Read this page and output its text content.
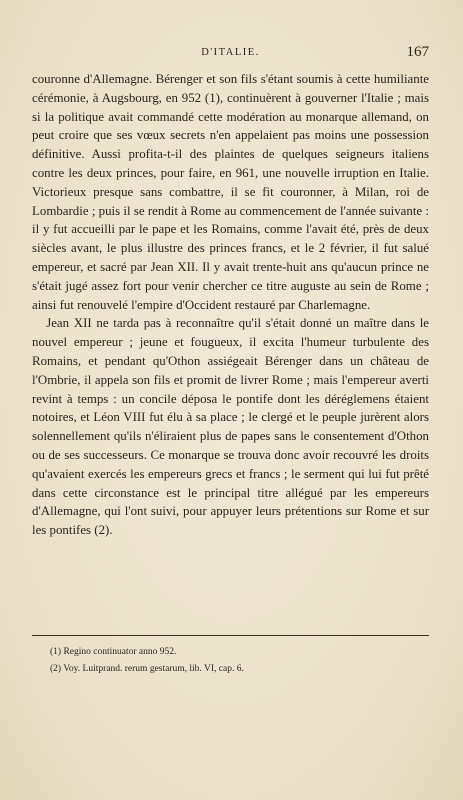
D'ITALIE.	167

couronne d'Allemagne. Bérenger et son fils s'étant soumis à cette humiliante cérémonie, à Augsbourg, en 952 (1), continuèrent à gouverner l'Italie ; mais si la politique avait commandé cette modération au monarque allemand, on peut croire que ses vœux secrets n'en appelaient pas moins une possession définitive. Aussi profita-t-il des plaintes de quelques seigneurs italiens contre les deux princes, pour faire, en 961, une nouvelle irruption en Italie. Victorieux presque sans combattre, il se fit couronner, à Milan, roi de Lombardie ; puis il se rendit à Rome au commencement de l'année suivante : il y fut accueilli par le pape et les Romains, comme l'avait été, près de deux siècles avant, le plus illustre des princes francs, et le 2 février, il fut salué empereur, et sacré par Jean XII. Il y avait trente-huit ans qu'aucun prince ne s'était jugé assez fort pour venir chercher ce titre auguste au sein de Rome ; ainsi fut renouvelé l'empire d'Occident restauré par Charlemagne.

Jean XII ne tarda pas à reconnaître qu'il s'était donné un maître dans le nouvel empereur ; jeune et fougueux, il excita l'humeur turbulente des Romains, et pendant qu'Othon assiégeait Bérenger dans un château de l'Ombrie, il appela son fils et promit de livrer Rome ; mais l'empereur averti revint à temps : un concile déposa le pontife dont les déréglemens étaient notoires, et Léon VIII fut élu à sa place ; le clergé et le peuple jurèrent alors solennellement qu'ils n'éliraient plus de papes sans le consentement d'Othon ou de ses successeurs. Ce monarque se trouva donc avoir recouvré les droits qu'avaient exercés les empereurs grecs et francs ; le serment qui lui fut prêté dans cette circonstance est le principal titre allégué par les empereurs d'Allemagne, qui l'ont suivi, pour appuyer leurs prétentions sur Rome et sur les pontifes (2).

(1) Regino continuator anno 952.
(2) Voy. Luitprand. rerum gestarum, lib. VI, cap. 6.
